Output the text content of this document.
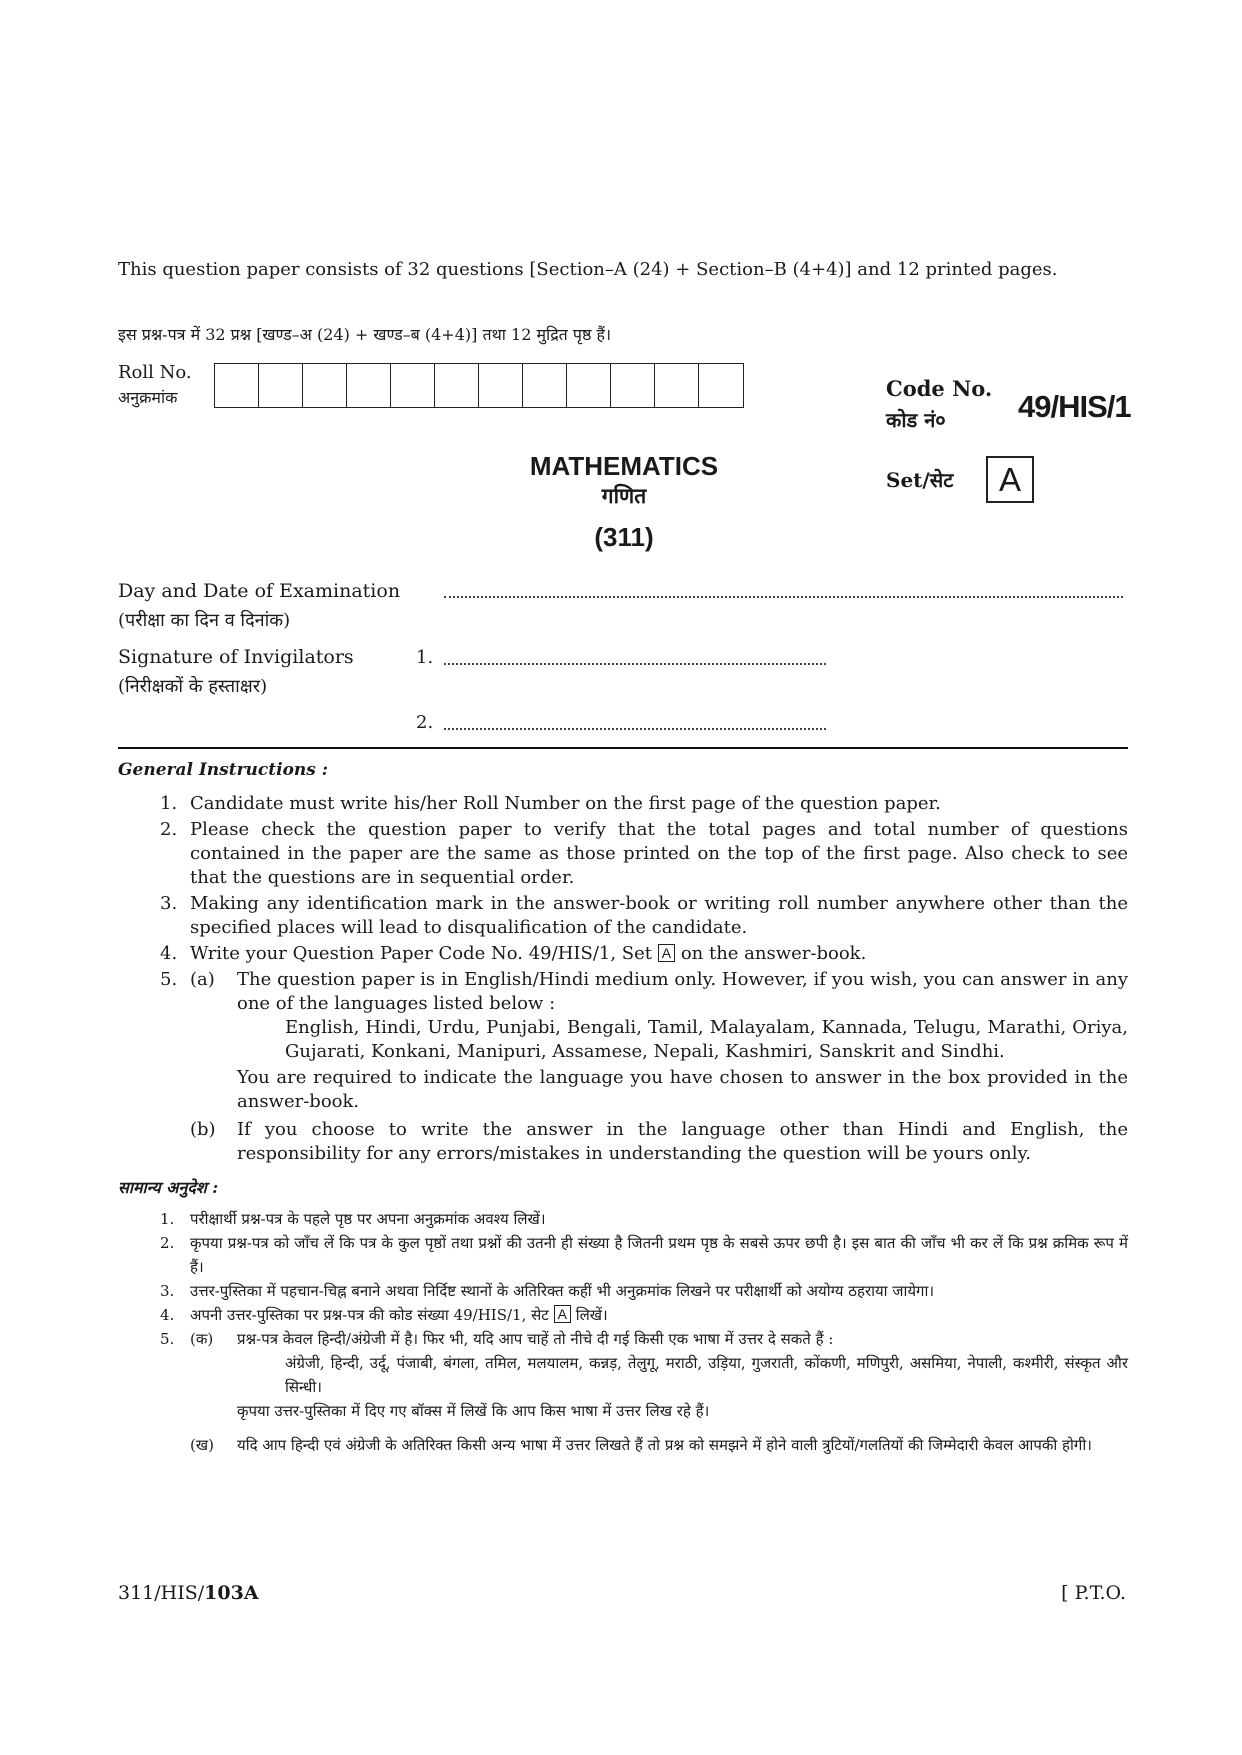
This question paper consists of 32 questions [Section–A (24) + Section–B (4+4)] and 12 printed pages.
इस प्रश्न-पत्र में 32 प्रश्न [खण्ड–अ (24) + खण्ड–ब (4+4)] तथा 12 मुद्रित पृष्ठ हैं।
Roll No.
अनुक्रमांक	Code No.
कोड नं० 49/HIS/1
MATHEMATICS
गणित
(311)
Set/सेट	A
Day and Date of Examination
(परीक्षा का दिन व दिनांक)
Signature of Invigilators
(निरीक्षकों के हस्ताक्षर)
1.
2.
General Instructions :
1. Candidate must write his/her Roll Number on the first page of the question paper.
2. Please check the question paper to verify that the total pages and total number of questions contained in the paper are the same as those printed on the top of the first page. Also check to see that the questions are in sequential order.
3. Making any identification mark in the answer-book or writing roll number anywhere other than the specified places will lead to disqualification of the candidate.
4. Write your Question Paper Code No. 49/HIS/1, Set A on the answer-book.
5. (a)	The question paper is in English/Hindi medium only. However, if you wish, you can answer in any one of the languages listed below :
English, Hindi, Urdu, Punjabi, Bengali, Tamil, Malayalam, Kannada, Telugu, Marathi, Oriya, Gujarati, Konkani, Manipuri, Assamese, Nepali, Kashmiri, Sanskrit and Sindhi.
You are required to indicate the language you have chosen to answer in the box provided in the answer-book.
(b)	If you choose to write the answer in the language other than Hindi and English, the responsibility for any errors/mistakes in understanding the question will be yours only.
सामान्य अनुदेश :
1.	परीक्षार्थी प्रश्न-पत्र के पहले पृष्ठ पर अपना अनुक्रमांक अवश्य लिखें।
2.	कृपया प्रश्न-पत्र को जाँच लें कि पत्र के कुल पृष्ठों तथा प्रश्नों की उतनी ही संख्या है जितनी प्रथम पृष्ठ के सबसे ऊपर छपी है। इस बात की जाँच भी कर लें कि प्रश्न क्रमिक रूप में हैं।
3.	उत्तर-पुस्तिका में पहचान-चिह्न बनाने अथवा निर्दिष्ट स्थानों के अतिरिक्त कहीं भी अनुक्रमांक लिखने पर परीक्षार्थी को अयोग्य ठहराया जायेगा।
4.	अपनी उत्तर-पुस्तिका पर प्रश्न-पत्र की कोड संख्या 49/HIS/1, सेट A लिखें।
5.	(क)	प्रश्न-पत्र केवल हिन्दी/अंग्रेजी में है। फिर भी, यदि आप चाहें तो नीचे दी गई किसी एक भाषा में उत्तर दे सकते हैं :
अंग्रेजी, हिन्दी, उर्दू, पंजाबी, बंगला, तमिल, मलयालम, कन्नड़, तेलुगू, मराठी, उड़िया, गुजराती, कोंकणी, मणिपुरी, असमिया, नेपाली, कश्मीरी, संस्कृत और सिन्धी।
कृपया उत्तर-पुस्तिका में दिए गए बॉक्स में लिखें कि आप किस भाषा में उत्तर लिख रहे हैं।
(ख)	यदि आप हिन्दी एवं अंग्रेजी के अतिरिक्त किसी अन्य भाषा में उत्तर लिखते हैं तो प्रश्न को समझने में होने वाली त्रुटियों/गलतियों की जिम्मेदारी केवल आपकी होगी।
311/HIS/103A	[ P.T.O.
